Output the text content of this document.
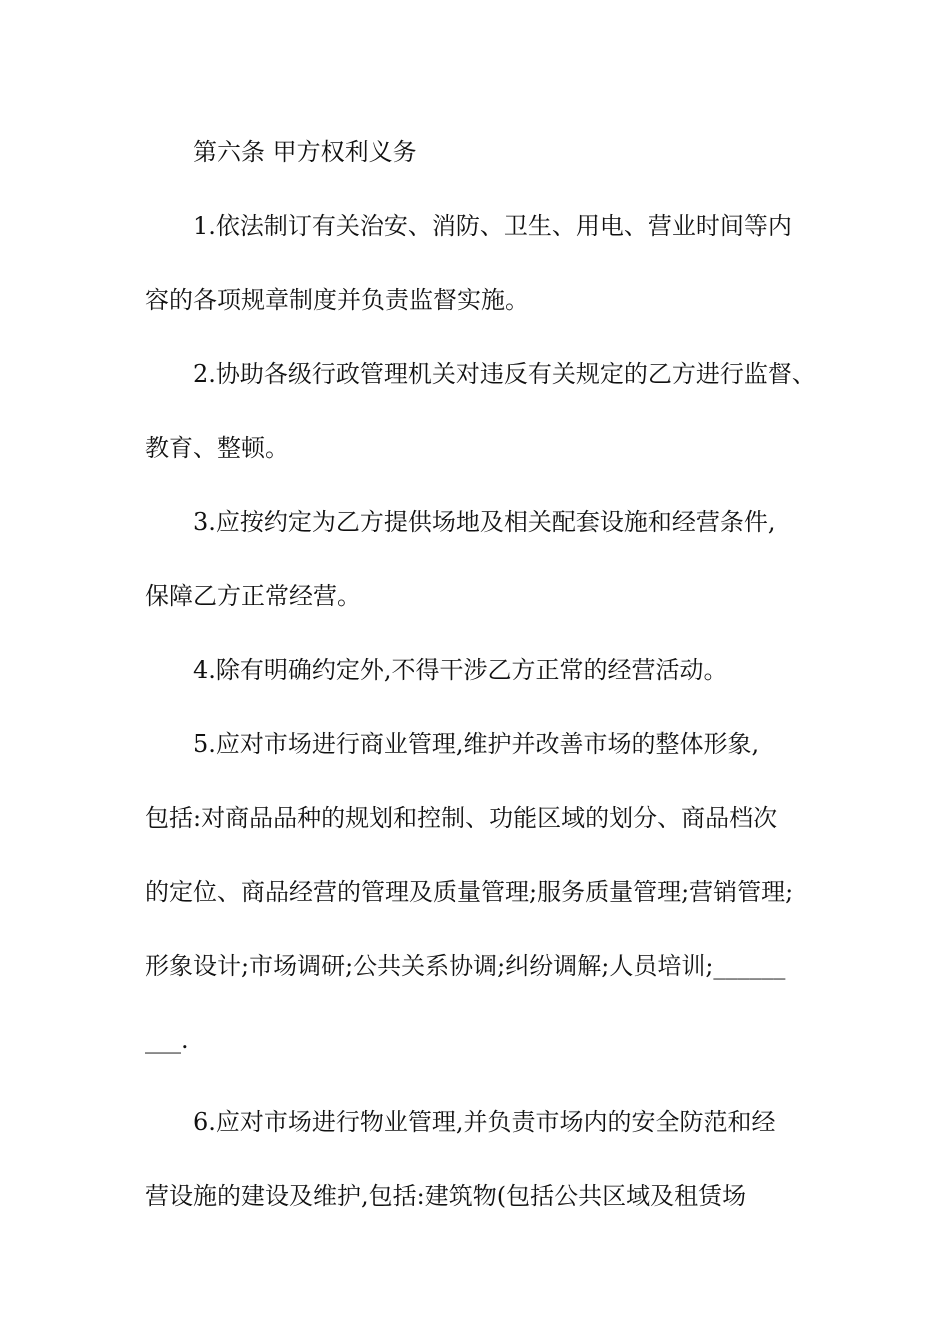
第六条 甲方权利义务
1.依法制订有关治安、消防、卫生、用电、营业时间等内
容的各项规章制度并负责监督实施。
2.协助各级行政管理机关对违反有关规定的乙方进行监督、
教育、整顿。
3.应按约定为乙方提供场地及相关配套设施和经营条件,
保障乙方正常经营。
4.除有明确约定外,不得干涉乙方正常的经营活动。
5.应对市场进行商业管理,维护并改善市场的整体形象,
包括:对商品品种的规划和控制、功能区域的划分、商品档次
的定位、商品经营的管理及质量管理;服务质量管理;营销管理;
形象设计;市场调研;公共关系协调;纠纷调解;人员培训;______
___.
6.应对市场进行物业管理,并负责市场内的安全防范和经
营设施的建设及维护,包括:建筑物(包括公共区域及租赁场
